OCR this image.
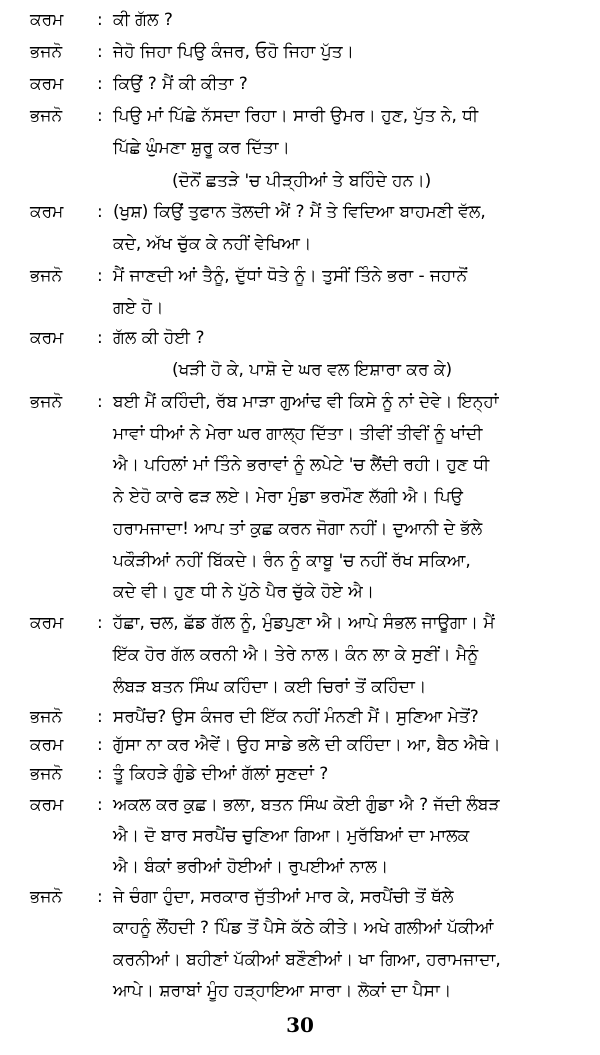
ਕਰਮ	: ਕੀ ਗੱਲ ?
ਭਜਨੋ	: ਜੇਹੋ ਜਿਹਾ ਪਿਉ ਕੰਜਰ, ਓਹੋ ਜਿਹਾ ਪੁੱਤ।
ਕਰਮ	: ਕਿਉਂ ? ਮੈਂ ਕੀ ਕੀਤਾ ?
ਭਜਨੋ	: ਪਿਉ ਮਾਂ ਪਿੱਛੇ ਨੱਸਦਾ ਰਿਹਾ। ਸਾਰੀ ਉਮਰ। ਹੁਣ, ਪੁੱਤ ਨੇ, ਧੀ
ਪਿੱਛੇ ਘੁੰਮਣਾ ਸ਼ੁਰੂ ਕਰ ਦਿੱਤਾ।
(ਦੋਨੋਂ ਛਤੜੇ 'ਚ ਪੀੜ੍ਹੀਆਂ ਤੇ ਬਹਿੰਦੇ ਹਨ।)
ਕਰਮ	: (ਖੁਸ਼) ਕਿਉਂ ਤੁਫਾਨ ਤੋਲਦੀ ਐਂ ? ਮੈਂ ਤੇ ਵਿਦਿਆ ਬਾਹਮਣੀ ਵੱਲ,
ਕਦੇ, ਅੱਖ ਚੁੱਕ ਕੇ ਨਹੀਂ ਵੇਖਿਆ।
ਭਜਨੋ	: ਮੈਂ ਜਾਣਦੀ ਆਂ ਤੈਨੂੰ, ਦੁੱਧਾਂ ਧੋਤੇ ਨੂੰ। ਤੁਸੀਂ ਤਿੰਨੇ ਭਰਾ - ਜਹਾਨੋਂ
ਗਏ ਹੋ।
ਕਰਮ	: ਗੱਲ ਕੀ ਹੋਈ ?
(ਖੜੀ ਹੋ ਕੇ, ਪਾਸ਼ੋ ਦੇ ਘਰ ਵਲ ਇਸ਼ਾਰਾ ਕਰ ਕੇ)
ਭਜਨੋ	: ਬਈ ਮੈਂ ਕਹਿੰਦੀ, ਰੱਬ ਮਾੜਾ ਗੁਆਂਢ ਵੀ ਕਿਸੇ ਨੂੰ ਨਾਂ ਦੇਵੇ। ਇਨ੍ਹਾਂ
ਮਾਵਾਂ ਧੀਆਂ ਨੇ ਮੇਰਾ ਘਰ ਗਾਲ੍ਹ ਦਿੱਤਾ। ਤੀਵੀਂ ਤੀਵੀਂ ਨੂੰ ਖਾਂਦੀ
ਐ। ਪਹਿਲਾਂ ਮਾਂ ਤਿੰਨੇ ਭਰਾਵਾਂ ਨੂੰ ਲਪੇਟੇ 'ਚ ਲੈਂਦੀ ਰਹੀ। ਹੁਣ ਧੀ
ਨੇ ਏਹੋ ਕਾਰੇ ਫੜ ਲਏ। ਮੇਰਾ ਮੁੰਡਾ ਭਰਮੌਣ ਲੱਗੀ ਐ। ਪਿਉ
ਹਰਾਮਜਾਦਾ! ਆਪ ਤਾਂ ਕੁਛ ਕਰਨ ਜੋਗਾ ਨਹੀਂ। ਦੁਆਨੀ ਦੇ ਭੱਲੇ
ਪਕੌੜੀਆਂ ਨਹੀਂ ਬਿੱਕਦੇ। ਰੰਨ ਨੂੰ ਕਾਬੂ 'ਚ ਨਹੀਂ ਰੱਖ ਸਕਿਆ,
ਕਦੇ ਵੀ। ਹੁਣ ਧੀ ਨੇ ਪੁੱਠੇ ਪੈਰ ਚੁੱਕੇ ਹੋਏ ਐ।
ਕਰਮ	: ਹੱਛਾ, ਚਲ, ਛੱਡ ਗੱਲ ਨੂੰ, ਮੁੰਡਪੁਣਾ ਐ। ਆਪੇ ਸੰਭਲ ਜਾਊਗਾ। ਮੈਂ
ਇੱਕ ਹੋਰ ਗੱਲ ਕਰਨੀ ਐ। ਤੇਰੇ ਨਾਲ। ਕੰਨ ਲਾ ਕੇ ਸੁਣੀਂ। ਮੈਨੂੰ
ਲੰਬੜ ਬਤਨ ਸਿੰਘ ਕਹਿੰਦਾ। ਕਈ ਚਿਰਾਂ ਤੋਂ ਕਹਿੰਦਾ।
ਭਜਨੋ	: ਸਰਪੈਂਚ? ਉਸ ਕੰਜਰ ਦੀ ਇੱਕ ਨਹੀਂ ਮੰਨਣੀ ਮੈਂ। ਸੁਣਿਆ ਮੇਤੋਂ?
ਕਰਮ	: ਗੁੱਸਾ ਨਾ ਕਰ ਐਵੇਂ। ਉਹ ਸਾਡੇ ਭਲੇ ਦੀ ਕਹਿੰਦਾ। ਆ, ਬੈਠ ਐਥੇ।
ਭਜਨੋ	: ਤੂੰ ਕਿਹੜੇ ਗੁੰਡੇ ਦੀਆਂ ਗੱਲਾਂ ਸੁਣਦਾਂ ?
ਕਰਮ	: ਅਕਲ ਕਰ ਕੁਛ। ਭਲਾ, ਬਤਨ ਸਿੰਘ ਕੋਈ ਗੁੰਡਾ ਐ ? ਜੱਦੀ ਲੰਬੜ
ਐ। ਦੋ ਬਾਰ ਸਰਪੈਂਚ ਚੁਣਿਆ ਗਿਆ। ਮੁਰੱਬਿਆਂ ਦਾ ਮਾਲਕ
ਐ। ਬੰਕਾਂ ਭਰੀਆਂ ਹੋਈਆਂ। ਰੁਪਈਆਂ ਨਾਲ।
ਭਜਨੋ	: ਜੇ ਚੰਗਾ ਹੁੰਦਾ, ਸਰਕਾਰ ਜੁੱਤੀਆਂ ਮਾਰ ਕੇ, ਸਰਪੈਂਚੀ ਤੋਂ ਥੱਲੇ
ਕਾਹਨੂੰ ਲੌਂਹਦੀ ? ਪਿੰਡ ਤੋਂ ਪੈਸੇ ਕੱਠੇ ਕੀਤੇ। ਅਖੇ ਗਲੀਆਂ ਪੱਕੀਆਂ
ਕਰਨੀਆਂ। ਬਹੀਣਾਂ ਪੱਕੀਆਂ ਬਣੌਣੀਆਂ। ਖਾ ਗਿਆ, ਹਰਾਮਜਾਦਾ,
ਆਪੇ। ਸ਼ਰਾਬਾਂ ਮੂੰਹ ਹੜ੍ਹਾਇਆ ਸਾਰਾ। ਲੋਕਾਂ ਦਾ ਪੈਸਾ।
30
